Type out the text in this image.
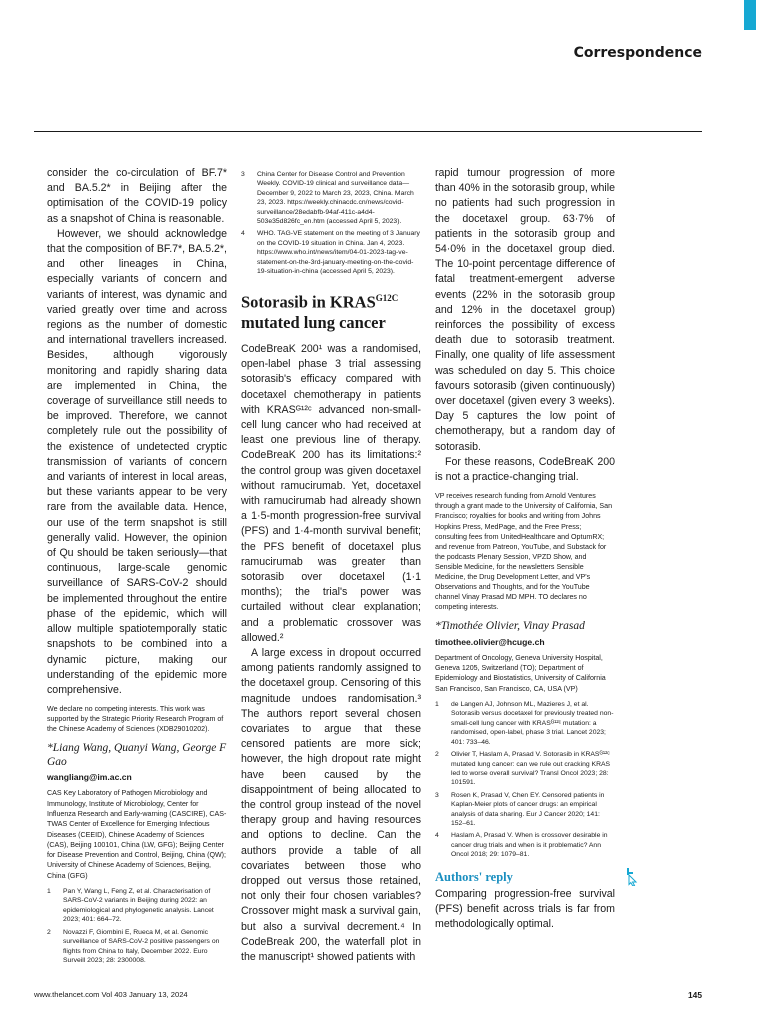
Correspondence

consider the co-circulation of BF.7* and BA.5.2* in Beijing after the optimisation of the COVID-19 policy as a snapshot of China is reasonable.

However, we should acknowledge that the composition of BF.7*, BA.5.2*, and other lineages in China, especially variants of concern and variants of interest, was dynamic and varied greatly over time and across regions as the number of domestic and international travellers increased. Besides, although vigorously monitoring and rapidly sharing data are implemented in China, the coverage of surveillance still needs to be improved. Therefore, we cannot completely rule out the possibility of the existence of undetected cryptic transmission of variants of concern and variants of interest in local areas, but these variants appear to be very rare from the available data. Hence, our use of the term snapshot is still generally valid. However, the opinion of Qu should be taken seriously—that continuous, large-scale genomic surveillance of SARS-CoV-2 should be implemented throughout the entire phase of the epidemic, which will allow multiple spatiotemporally static snapshots to be combined into a dynamic picture, making our understanding of the epidemic more comprehensive.

We declare no competing interests. This work was supported by the Strategic Priority Research Program of the Chinese Academy of Sciences (XDB29010202).

*Liang Wang, Quanyi Wang, George F Gao

wangliang@im.ac.cn

CAS Key Laboratory of Pathogen Microbiology and Immunology, Institute of Microbiology, Center for Influenza Research and Early-warning (CASCIRE), CAS-TWAS Center of Excellence for Emerging Infectious Diseases (CEEID), Chinese Academy of Sciences (CAS), Beijing 100101, China (LW, GFG); Beijing Center for Disease Prevention and Control, Beijing, China (QW); University of Chinese Academy of Sciences, Beijing, China (GFG)

1	Pan Y, Wang L, Feng Z, et al. Characterisation of SARS-CoV-2 variants in Beijing during 2022: an epidemiological and phylogenetic analysis. Lancet 2023; 401: 664–72.
2	Novazzi F, Giombini E, Rueca M, et al. Genomic surveillance of SARS-CoV-2 positive passengers on flights from China to Italy, December 2022. Euro Surveill 2023; 28: 2300008.
3	China Center for Disease Control and Prevention Weekly. COVID-19 clinical and surveillance data—December 9, 2022 to March 23, 2023, China. March 23, 2023. https://weekly.chinacdc.cn/news/covid-surveillance/28edabfb-94af-411c-a4d4-503e35d826fc_en.htm (accessed April 5, 2023).
4	WHO. TAG-VE statement on the meeting of 3 January on the COVID-19 situation in China. Jan 4, 2023. https://www.who.int/news/item/04-01-2023-tag-ve-statement-on-the-3rd-january-meeting-on-the-covid-19-situation-in-china (accessed April 5, 2023).
Sotorasib in $KRAS^{G12C}$ mutated lung cancer

CodeBreaK 200¹ was a randomised, open-label phase 3 trial assessing sotorasib's efficacy compared with docetaxel chemotherapy in patients with KRASᴳ¹²ᶜ advanced non-small-cell lung cancer who had received at least one previous line of therapy. CodeBreaK 200 has its limitations:² the control group was given docetaxel without ramucirumab. Yet, docetaxel with ramucirumab had already shown a 1·5-month progression-free survival (PFS) and 1·4-month survival benefit; the PFS benefit of docetaxel plus ramucirumab was greater than sotorasib over docetaxel (1·1 months); the trial's power was curtailed without clear explanation; and a problematic crossover was allowed.²

A large excess in dropout occurred among patients randomly assigned to the docetaxel group. Censoring of this magnitude undoes randomisation.³ The authors report several chosen covariates to argue that these censored patients are more sick; however, the high dropout rate might have been caused by the disappointment of being allocated to the control group instead of the novel therapy group and having resources and options to decline. Can the authors provide a table of all covariates between those who dropped out versus those retained, not only their four chosen variables? Crossover might mask a survival gain, but also a survival decrement.⁴ In CodeBreak 200, the waterfall plot in the manuscript¹ showed patients with

rapid tumour progression of more than 40% in the sotorasib group, while no patients had such progression in the docetaxel group. 63·7% of patients in the sotorasib group and 54·0% in the docetaxel group died. The 10-point percentage difference of fatal treatment-emergent adverse events (22% in the sotorasib group and 12% in the docetaxel group) reinforces the possibility of excess death due to sotorasib treatment. Finally, one quality of life assessment was scheduled on day 5. This choice favours sotorasib (given continuously) over docetaxel (given every 3 weeks). Day 5 captures the low point of chemotherapy, but a random day of sotorasib.

For these reasons, CodeBreaK 200 is not a practice-changing trial.

VP receives research funding from Arnold Ventures through a grant made to the University of California, San Francisco; royalties for books and writing from Johns Hopkins Press, MedPage, and the Free Press; consulting fees from UnitedHealthcare and OptumRX; and revenue from Patreon, YouTube, and Substack for the podcasts Plenary Session, VPZD Show, and Sensible Medicine, for the newsletters Sensible Medicine, the Drug Development Letter, and VP's Observations and Thoughts, and for the YouTube channel Vinay Prasad MD MPH. TO declares no competing interests.

*Timothée Olivier, Vinay Prasad

timothee.olivier@hcuge.ch

Department of Oncology, Geneva University Hospital, Geneva 1205, Switzerland (TO); Department of Epidemiology and Biostatistics, University of California San Francisco, San Francisco, CA, USA (VP)

1	de Langen AJ, Johnson ML, Mazieres J, et al. Sotorasib versus docetaxel for previously treated non-small-cell lung cancer with KRASᴳ¹²ᶜ mutation: a randomised, open-label, phase 3 trial. Lancet 2023; 401: 733–46.
2	Olivier T, Haslam A, Prasad V. Sotorasib in KRASᴳ¹²ᶜ mutated lung cancer: can we rule out cracking KRAS led to worse overall survival? Transl Oncol 2023; 28: 101591.
3	Rosen K, Prasad V, Chen EY. Censored patients in Kaplan-Meier plots of cancer drugs: an empirical analysis of data sharing. Eur J Cancer 2020; 141: 152–61.
4	Haslam A, Prasad V. When is crossover desirable in cancer drug trials and when is it problematic? Ann Oncol 2018; 29: 1079–81.
Authors' reply

Comparing progression-free survival (PFS) benefit across trials is far from methodologically optimal.

www.thelancet.com Vol 403 January 13, 2024	145
